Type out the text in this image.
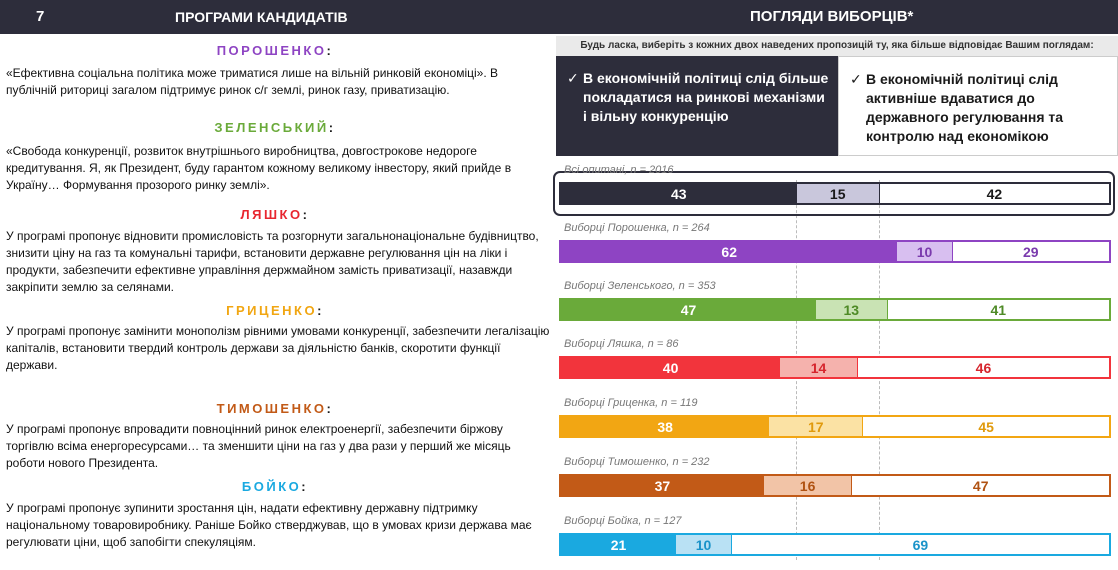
7	ПРОГРАМИ КАНДИДАТІВ	ПОГЛЯДИ ВИБОРЦІВ*
ПОРОШЕНКО:
«Ефективна соціальна політика може триматися лише на вільній ринковій економіці». В публічній риториці загалом підтримує ринок с/г землі, ринок газу, приватизацію.
ЗЕЛЕНСЬКИЙ:
«Свобода конкуренції, розвиток внутрішнього виробництва, довгострокове недороге кредитування. Я, як Президент, буду гарантом кожному великому інвестору, який прийде в Україну… Формування прозорого ринку землі».
ЛЯШКО:
У програмі пропонує відновити промисловість та розгорнути загальнонаціональне будівництво, знизити ціну на газ та комунальні тарифи, встановити державне регулювання цін на ліки і продукти, забезпечити ефективне управління держмайном замість приватизації, назавжди закріпити землю за селянами.
ГРИЦЕНКО:
У програмі пропонує замінити монополізм рівними умовами конкуренції, забезпечити легалізацію капіталів, встановити твердий контроль держави за діяльністю банків, скоротити функції держави.
ТИМОШЕНКО:
У програмі пропонує впровадити повноцінний ринок електроенергії, забезпечити біржову торгівлю всіма енергоресурсами… та зменшити ціни на газ у два рази у перший же місяць роботи нового Президента.
БОЙКО:
У програмі пропонує зупинити зростання цін, надати ефективну державну підтримку національному товаровиробнику. Раніше Бойко стверджував, що в умовах кризи держава має регулювати ціни, щоб запобігти спекуляціям.
Будь ласка, виберіть з кожних двох наведених пропозицій ту, яка більше відповідає Вашим поглядам:
✓ В економічній політиці слід більше покладатися на ринкові механізми і вільну конкуренцію
✓ В економічній політиці слід активніше вдаватися до державного регулювання та контролю над економікою
Всі опитані, n = 2016
43	15	42
Виборці Порошенка, n = 264
62	10	29
Виборці Зеленського, n = 353
47	13	41
Виборці Ляшка, n = 86
40	14	46
Виборці Гриценка, n = 119
38	17	45
Виборці Тимошенко, n = 232
37	16	47
Виборці Бойка, n = 127
21	10	69
